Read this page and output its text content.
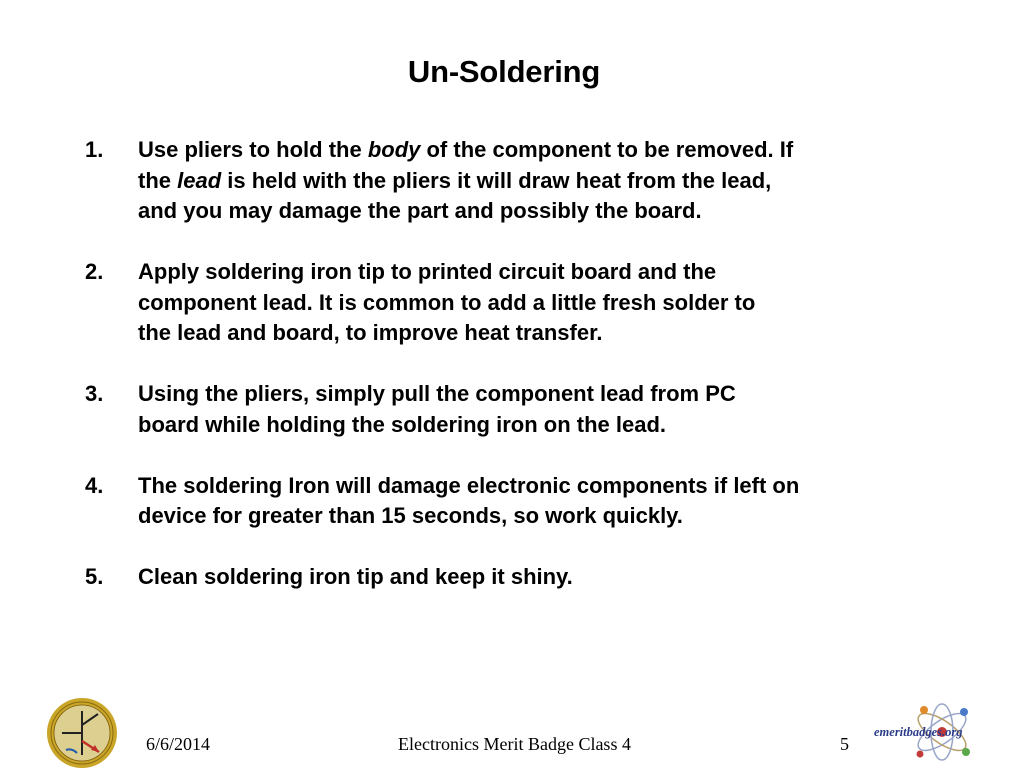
Un-Soldering
1. Use pliers to hold the body of the component to be removed. If
the lead is held with the pliers it will draw heat from the lead,
and you may damage the part and possibly the board.
2. Apply soldering iron tip to printed circuit board and the
component lead. It is common to add a little fresh solder to
the lead and board, to improve heat transfer.
3. Using the pliers, simply pull the component lead from PC
board while holding the soldering iron on the lead.
4. The soldering Iron will damage electronic components if left on
device for greater than 15 seconds, so work quickly.
5. Clean soldering iron tip and keep it shiny.
6/6/2014	Electronics Merit Badge Class 4	5
emeritbadges.org
